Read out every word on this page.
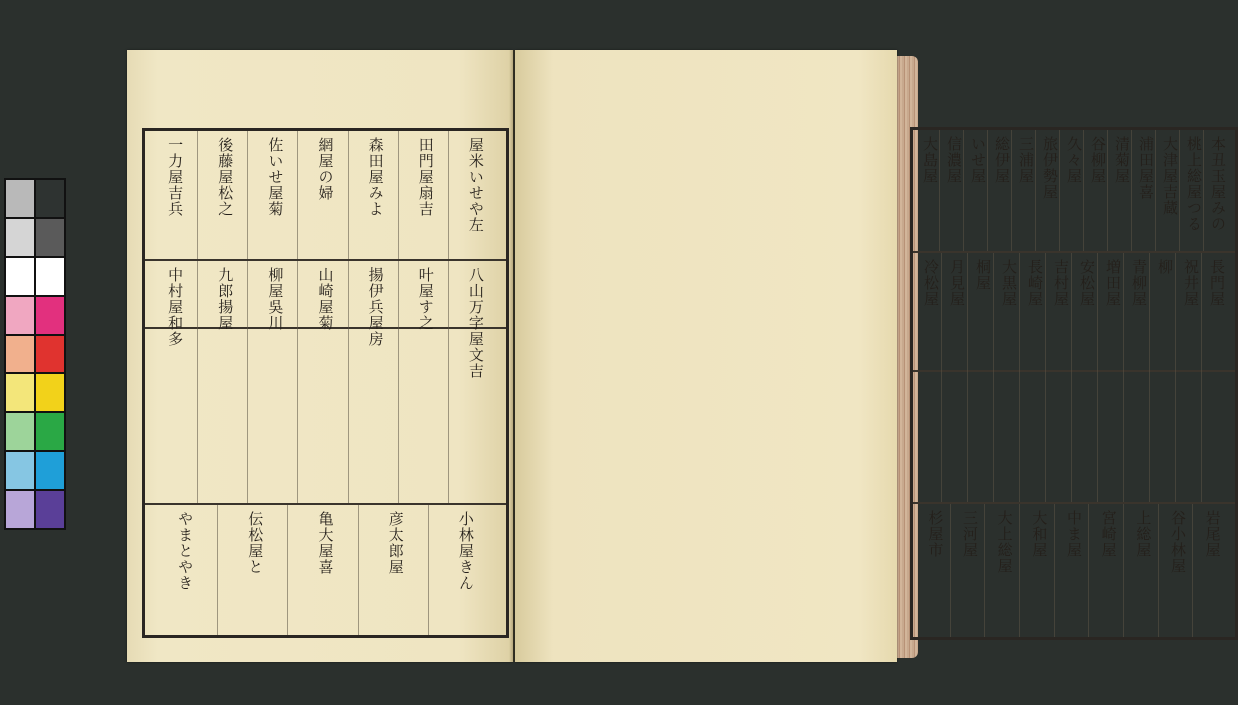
屋米いせや左
田門屋扇吉
森田屋みよ
網屋の婦
佐いせ屋菊
後藤屋松之
一力屋吉兵
八山万字屋文吉
叶屋す之
揚伊兵屋房
山崎屋菊
柳屋吳川
九郎揚屋
中村屋和多
小林屋きん
彦太郎屋
亀大屋喜
伝松屋と
やまとやき
本丑玉屋みの
桃上総屋つる
大津屋吉蔵
浦田屋喜
清菊屋
谷柳屋
久々屋
旅伊勢屋
三浦屋
総伊屋
いせ屋
信濃屋
大島屋
長門屋
祝井屋
柳
青柳屋
増田屋
安松屋
吉村屋
長崎屋
大黒屋
桐屋
月見屋
冷松屋
岩尾屋
谷小林屋
上総屋
宮崎屋
中ま屋
大和屋
大上総屋
三河屋
杉屋市
